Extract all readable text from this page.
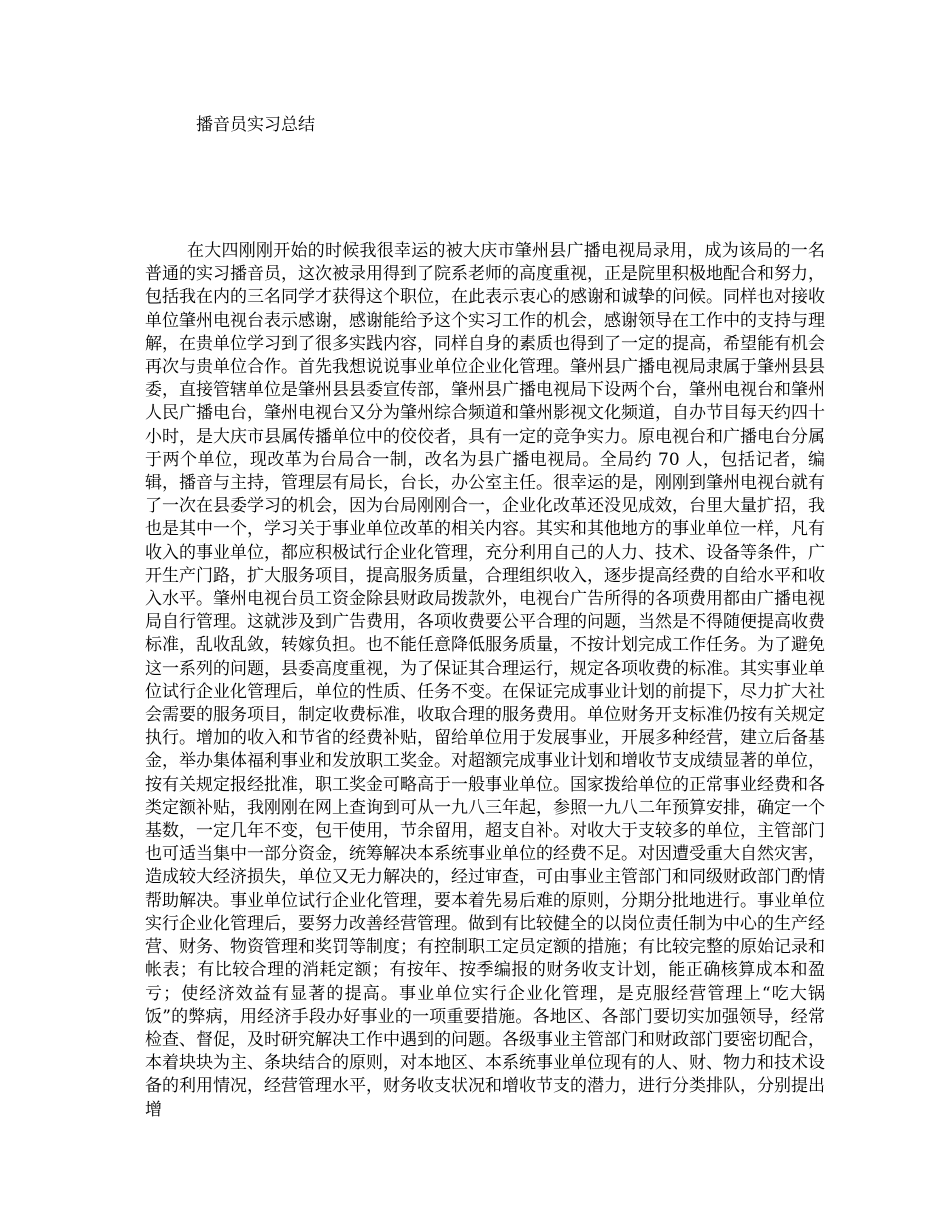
播音员实习总结

在大四刚刚开始的时候我很幸运的被大庆市肇州县广播电视局录用，成为该局的一名普通的实习播音员，这次被录用得到了院系老师的高度重视，正是院里积极地配合和努力，包括我在内的三名同学才获得这个职位，在此表示衷心的感谢和诚挚的问候。同样也对接收单位肇州电视台表示感谢，感谢能给予这个实习工作的机会，感谢领导在工作中的支持与理解，在贵单位学习到了很多实践内容，同样自身的素质也得到了一定的提高，希望能有机会再次与贵单位合作。首先我想说说事业单位企业化管理。肇州县广播电视局隶属于肇州县县委，直接管辖单位是肇州县县委宣传部，肇州县广播电视局下设两个台，肇州电视台和肇州人民广播电台，肇州电视台又分为肇州综合频道和肇州影视文化频道，自办节目每天约四十小时，是大庆市县属传播单位中的佼佼者，具有一定的竞争实力。原电视台和广播电台分属于两个单位，现改革为台局合一制，改名为县广播电视局。全局约 70 人，包括记者，编辑，播音与主持，管理层有局长，台长，办公室主任。很幸运的是，刚刚到肇州电视台就有了一次在县委学习的机会，因为台局刚刚合一，企业化改革还没见成效，台里大量扩招，我也是其中一个，学习关于事业单位改革的相关内容。其实和其他地方的事业单位一样，凡有收入的事业单位，都应积极试行企业化管理，充分利用自己的人力、技术、设备等条件，广开生产门路，扩大服务项目，提高服务质量，合理组织收入，逐步提高经费的自给水平和收入水平。肇州电视台员工资金除县财政局拨款外，电视台广告所得的各项费用都由广播电视局自行管理。这就涉及到广告费用，各项收费要公平合理的问题，当然是不得随便提高收费标准，乱收乱敛，转嫁负担。也不能任意降低服务质量，不按计划完成工作任务。为了避免这一系列的问题，县委高度重视，为了保证其合理运行，规定各项收费的标准。其实事业单位试行企业化管理后，单位的性质、任务不变。在保证完成事业计划的前提下，尽力扩大社会需要的服务项目，制定收费标准，收取合理的服务费用。单位财务开支标准仍按有关规定执行。增加的收入和节省的经费补贴，留给单位用于发展事业，开展多种经营，建立后备基金，举办集体福利事业和发放职工奖金。对超额完成事业计划和增收节支成绩显著的单位，按有关规定报经批准，职工奖金可略高于一般事业单位。国家拨给单位的正常事业经费和各类定额补贴，我刚刚在网上查询到可从一九八三年起，参照一九八二年预算安排，确定一个基数，一定几年不变，包干使用，节余留用，超支自补。对收大于支较多的单位，主管部门也可适当集中一部分资金，统筹解决本系统事业单位的经费不足。对因遭受重大自然灾害，造成较大经济损失，单位又无力解决的，经过审查，可由事业主管部门和同级财政部门酌情帮助解决。事业单位试行企业化管理，要本着先易后难的原则，分期分批地进行。事业单位实行企业化管理后，要努力改善经营管理。做到有比较健全的以岗位责任制为中心的生产经营、财务、物资管理和奖罚等制度；有控制职工定员定额的措施；有比较完整的原始记录和帐表；有比较合理的消耗定额；有按年、按季编报的财务收支计划，能正确核算成本和盈亏；使经济效益有显著的提高。事业单位实行企业化管理，是克服经营管理上“吃大锅饭”的弊病，用经济手段办好事业的一项重要措施。各地区、各部门要切实加强领导，经常检查、督促，及时研究解决工作中遇到的问题。各级事业主管部门和财政部门要密切配合，本着块块为主、条块结合的原则，对本地区、本系统事业单位现有的人、财、物力和技术设备的利用情况，经营管理水平，财务收支状况和增收节支的潜力，进行分类排队，分别提出增
